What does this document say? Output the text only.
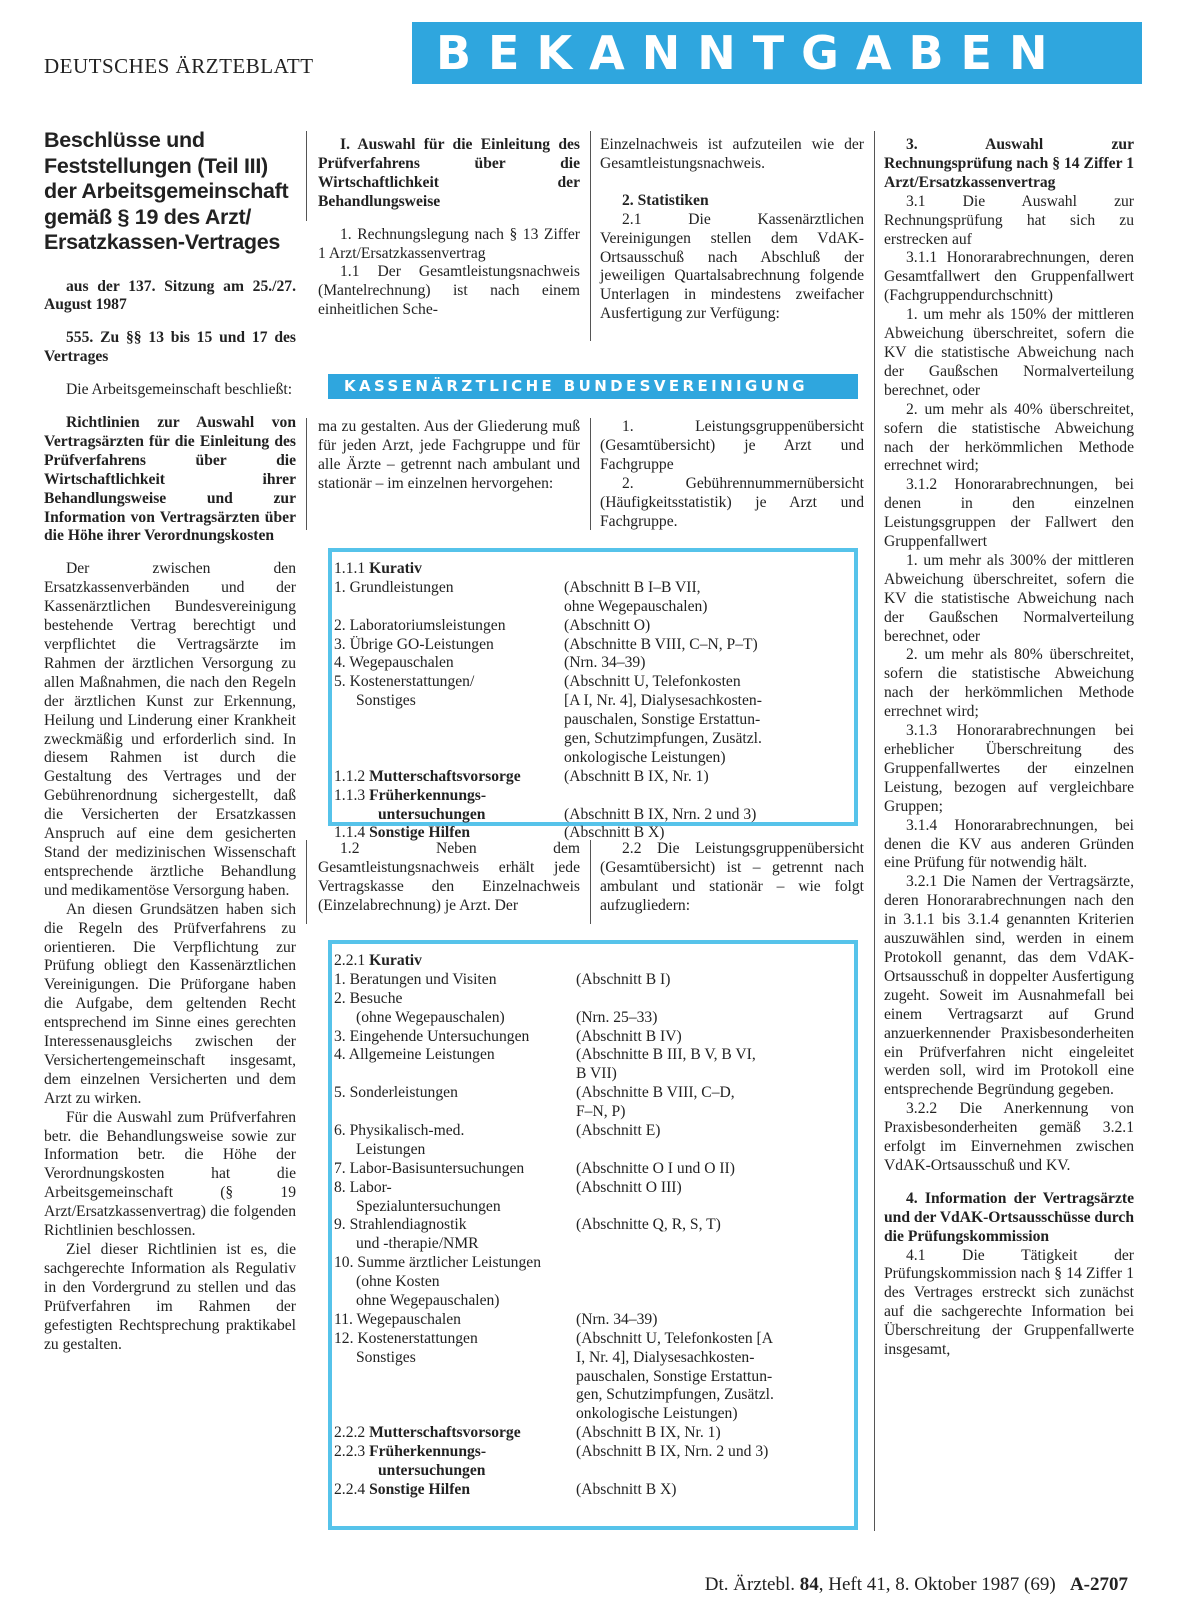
DEUTSCHES ÄRZTEBLATT	BEKANNTGABEN
Beschlüsse und
Feststellungen (Teil III)
der Arbeitsgemeinschaft
gemäß § 19 des Arzt/
Ersatzkassen-Vertrages

aus der 137. Sitzung am 25./27. August 1987

555. Zu §§ 13 bis 15 und 17 des Vertrages

Die Arbeitsgemeinschaft beschließt:

Richtlinien zur Auswahl von Vertragsärzten für die Einleitung des Prüfverfahrens über die Wirtschaftlichkeit ihrer Behandlungsweise und zur Information von Vertragsärzten über die Höhe ihrer Verordnungskosten

Der zwischen den Ersatzkassenverbänden und der Kassenärztlichen Bundesvereinigung bestehende Vertrag berechtigt und verpflichtet die Vertragsärzte im Rahmen der ärztlichen Versorgung zu allen Maßnahmen, die nach den Regeln der ärztlichen Kunst zur Erkennung, Heilung und Linderung einer Krankheit zweckmäßig und erforderlich sind. In diesem Rahmen ist durch die Gestaltung des Vertrages und der Gebührenordnung sichergestellt, daß die Versicherten der Ersatzkassen Anspruch auf eine dem gesicherten Stand der medizinischen Wissenschaft entsprechende ärztliche Behandlung und medikamentöse Versorgung haben.

An diesen Grundsätzen haben sich die Regeln des Prüfverfahrens zu orientieren. Die Verpflichtung zur Prüfung obliegt den Kassenärztlichen Vereinigungen. Die Prüforgane haben die Aufgabe, dem geltenden Recht entsprechend im Sinne eines gerechten Interessenausgleichs zwischen der Versichertengemeinschaft insgesamt, dem einzelnen Versicherten und dem Arzt zu wirken.

Für die Auswahl zum Prüfverfahren betr. die Behandlungsweise sowie zur Information betr. die Höhe der Verordnungskosten hat die Arbeitsgemeinschaft (§ 19 Arzt/Ersatzkassenvertrag) die folgenden Richtlinien beschlossen.

Ziel dieser Richtlinien ist es, die sachgerechte Information als Regulativ in den Vordergrund zu stellen und das Prüfverfahren im Rahmen der gefestigten Rechtsprechung praktikabel zu gestalten.

I. Auswahl für die Einleitung des Prüfverfahrens über die Wirtschaftlichkeit der Behandlungsweise

1. Rechnungslegung nach § 13 Ziffer 1 Arzt/Ersatzkassenvertrag

1.1 Der Gesamtleistungsnachweis (Mantelrechnung) ist nach einem einheitlichen Sche-

Einzelnachweis ist aufzuteilen wie der Gesamtleistungsnachweis.

2. Statistiken

2.1 Die Kassenärztlichen Vereinigungen stellen dem VdAK-Ortsausschuß nach Abschluß der jeweiligen Quartalsabrechnung folgende Unterlagen in mindestens zweifacher Ausfertigung zur Verfügung:

KASSENÄRZTLICHE BUNDESVEREINIGUNG

ma zu gestalten. Aus der Gliederung muß für jeden Arzt, jede Fachgruppe und für alle Ärzte – getrennt nach ambulant und stationär – im einzelnen hervorgehen:

1. Leistungsgruppenübersicht (Gesamtübersicht) je Arzt und Fachgruppe

2. Gebührennummernübersicht (Häufigkeitsstatistik) je Arzt und Fachgruppe.

1.1.1 Kurativ
1. Grundleistungen	(Abschnitt B I–B VII,
ohne Wegepauschalen)
2. Laboratoriumsleistungen	(Abschnitt O)
3. Übrige GO-Leistungen	(Abschnitte B VIII, C–N, P–T)
4. Wegepauschalen	(Nrn. 34–39)
5. Kostenerstattungen/	(Abschnitt U, Telefonkosten
Sonstiges	[A I, Nr. 4], Dialysesachkosten-
pauschalen, Sonstige Erstattun-
gen, Schutzimpfungen, Zusätzl.
onkologische Leistungen)
1.1.2 Mutterschaftsvorsorge	(Abschnitt B IX, Nr. 1)
1.1.3 Früherkennungs-
untersuchungen	(Abschnitt B IX, Nrn. 2 und 3)
1.1.4 Sonstige Hilfen	(Abschnitt B X)

1.2 Neben dem Gesamtleistungsnachweis erhält jede Vertragskasse den Einzelnachweis (Einzelabrechnung) je Arzt. Der

2.2 Die Leistungsgruppenübersicht (Gesamtübersicht) ist – getrennt nach ambulant und stationär – wie folgt aufzugliedern:

2.2.1 Kurativ
1. Beratungen und Visiten	(Abschnitt B I)
2. Besuche
(ohne Wegepauschalen)	(Nrn. 25–33)
3. Eingehende Untersuchungen	(Abschnitt B IV)
4. Allgemeine Leistungen	(Abschnitte B III, B V, B VI,
B VII)
5. Sonderleistungen	(Abschnitte B VIII, C–D,
F–N, P)
6. Physikalisch-med.	(Abschnitt E)
Leistungen
7. Labor-Basisuntersuchungen	(Abschnitte O I und O II)
8. Labor-	(Abschnitt O III)
Spezialuntersuchungen
9. Strahlendiagnostik	(Abschnitte Q, R, S, T)
und -therapie/NMR
10. Summe ärztlicher Leistungen
(ohne Kosten
ohne Wegepauschalen)
11. Wegepauschalen	(Nrn. 34–39)
12. Kostenerstattungen	(Abschnitt U, Telefonkosten [A
Sonstiges	I, Nr. 4], Dialysesachkosten-
pauschalen, Sonstige Erstattun-
gen, Schutzimpfungen, Zusätzl.
onkologische Leistungen)
2.2.2 Mutterschaftsvorsorge	(Abschnitt B IX, Nr. 1)
2.2.3 Früherkennungs-	(Abschnitt B IX, Nrn. 2 und 3)
untersuchungen
2.2.4 Sonstige Hilfen	(Abschnitt B X)

3. Auswahl zur Rechnungsprüfung nach § 14 Ziffer 1 Arzt/Ersatzkassenvertrag

3.1 Die Auswahl zur Rechnungsprüfung hat sich zu erstrecken auf

3.1.1 Honorarabrechnungen, deren Gesamtfallwert den Gruppenfallwert (Fachgruppendurchschnitt)

1. um mehr als 150% der mittleren Abweichung überschreitet, sofern die KV die statistische Abweichung nach der Gaußschen Normalverteilung berechnet, oder

2. um mehr als 40% überschreitet, sofern die statistische Abweichung nach der herkömmlichen Methode errechnet wird;

3.1.2 Honorarabrechnungen, bei denen in den einzelnen Leistungsgruppen der Fallwert den Gruppenfallwert

1. um mehr als 300% der mittleren Abweichung überschreitet, sofern die KV die statistische Abweichung nach der Gaußschen Normalverteilung berechnet, oder

2. um mehr als 80% überschreitet, sofern die statistische Abweichung nach der herkömmlichen Methode errechnet wird;

3.1.3 Honorarabrechnungen bei erheblicher Überschreitung des Gruppenfallwertes der einzelnen Leistung, bezogen auf vergleichbare Gruppen;

3.1.4 Honorarabrechnungen, bei denen die KV aus anderen Gründen eine Prüfung für notwendig hält.

3.2.1 Die Namen der Vertragsärzte, deren Honorarabrechnungen nach den in 3.1.1 bis 3.1.4 genannten Kriterien auszuwählen sind, werden in einem Protokoll genannt, das dem VdAK-Ortsausschuß in doppelter Ausfertigung zugeht. Soweit im Ausnahmefall bei einem Vertragsarzt auf Grund anzuerkennender Praxisbesonderheiten ein Prüfverfahren nicht eingeleitet werden soll, wird im Protokoll eine entsprechende Begründung gegeben.

3.2.2 Die Anerkennung von Praxisbesonderheiten gemäß 3.2.1 erfolgt im Einvernehmen zwischen VdAK-Ortsausschuß und KV.

4. Information der Vertragsärzte und der VdAK-Ortsausschüsse durch die Prüfungskommission

4.1 Die Tätigkeit der Prüfungskommission nach § 14 Ziffer 1 des Vertrages erstreckt sich zunächst auf die sachgerechte Information bei Überschreitung der Gruppenfallwerte insgesamt,

Dt. Ärztebl. 84, Heft 41, 8. Oktober 1987 (69) A-2707
